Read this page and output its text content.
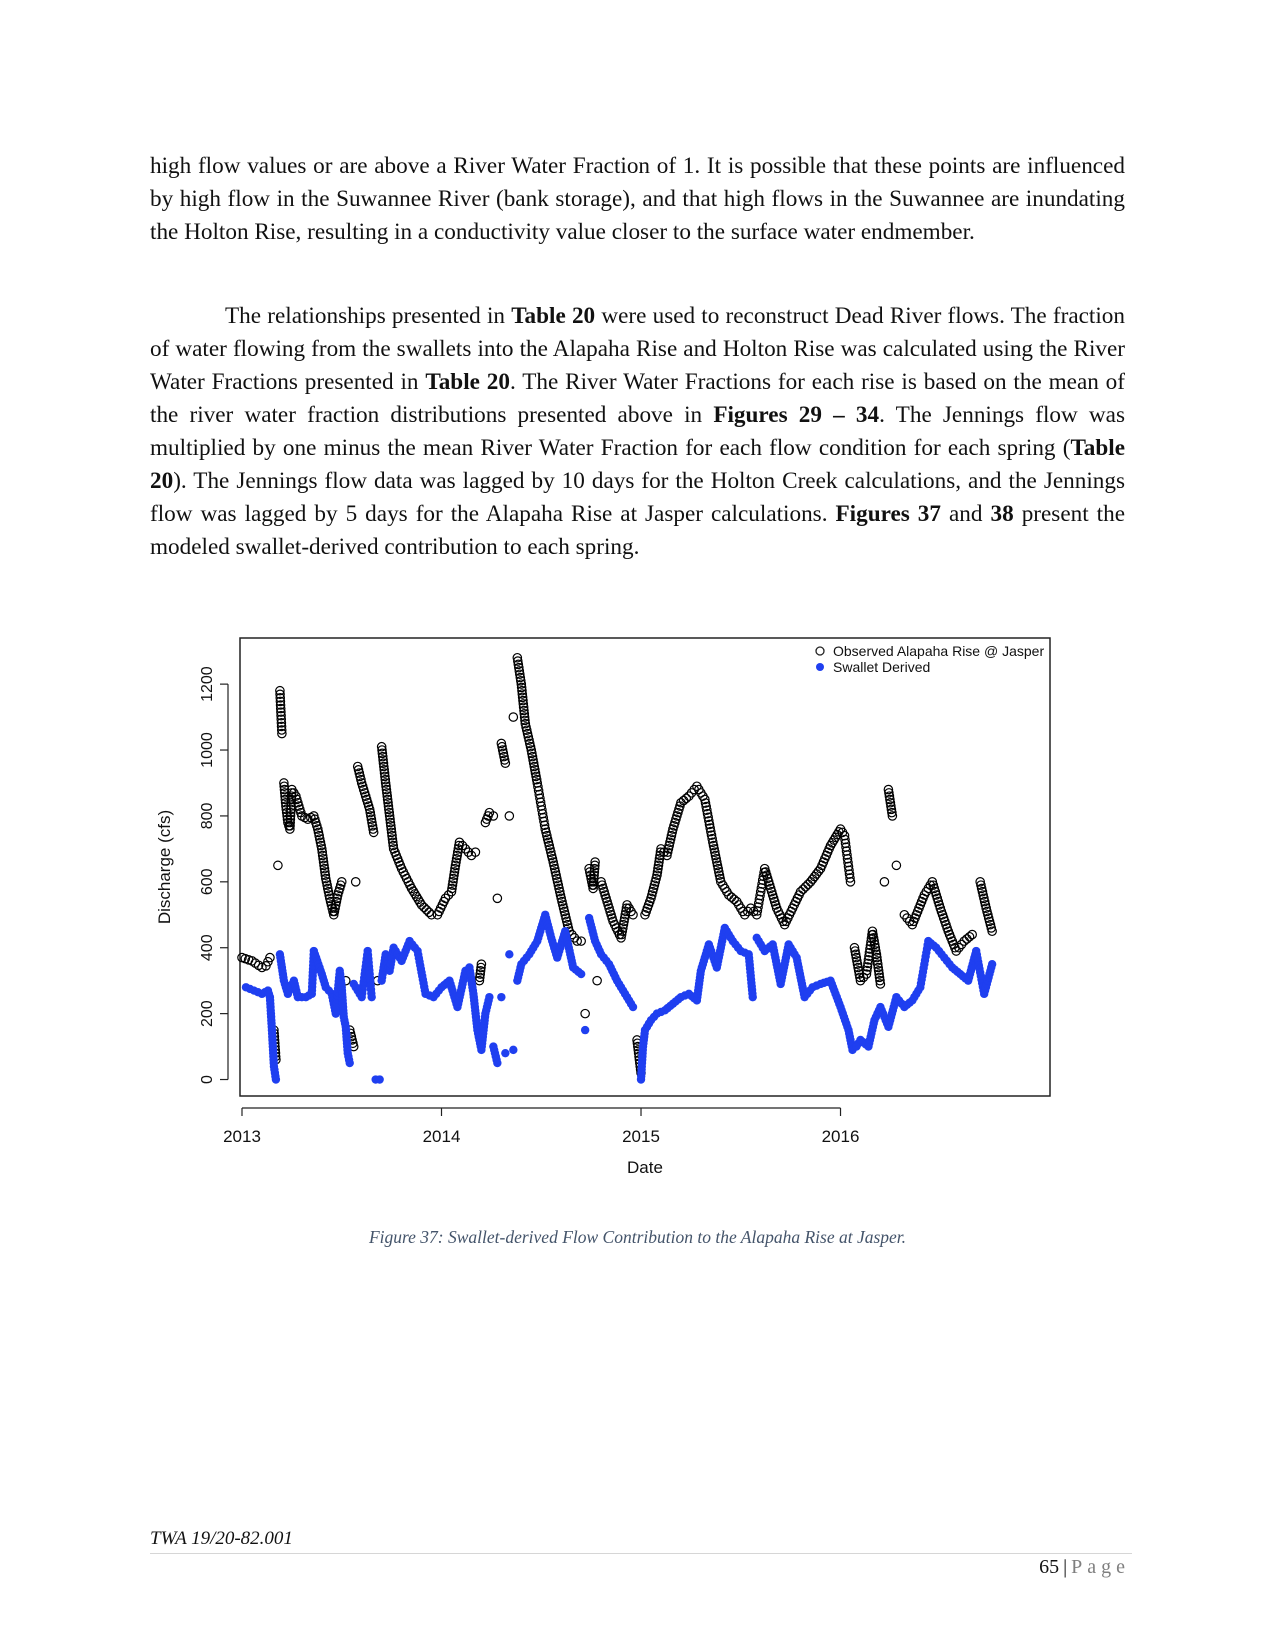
high flow values or are above a River Water Fraction of 1. It is possible that these points are influenced by high flow in the Suwannee River (bank storage), and that high flows in the Suwannee are inundating the Holton Rise, resulting in a conductivity value closer to the surface water endmember.

The relationships presented in Table 20 were used to reconstruct Dead River flows. The fraction of water flowing from the swallets into the Alapaha Rise and Holton Rise was calculated using the River Water Fractions presented in Table 20. The River Water Fractions for each rise is based on the mean of the river water fraction distributions presented above in Figures 29 – 34. The Jennings flow was multiplied by one minus the mean River Water Fraction for each flow condition for each spring (Table 20). The Jennings flow data was lagged by 10 days for the Holton Creek calculations, and the Jennings flow was lagged by 5 days for the Alapaha Rise at Jasper calculations. Figures 37 and 38 present the modeled swallet-derived contribution to each spring.

0
200
400
600
800
1000
1200
2013	2014	2015	2016
Date
Discharge (cfs)
Observed Alapaha Rise @ Jasper
Swallet Derived
Figure 37: Swallet-derived Flow Contribution to the Alapaha Rise at Jasper.
TWA 19/20-82.001
65 | Page
